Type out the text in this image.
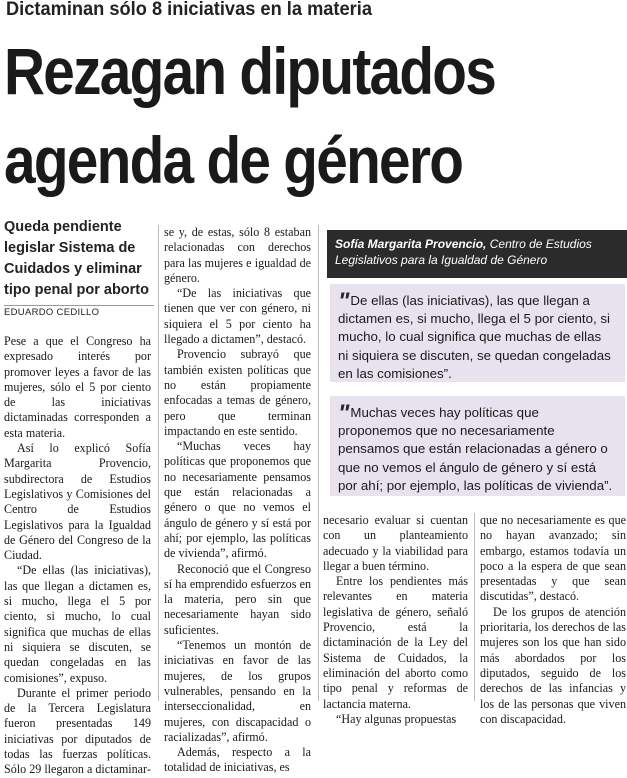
Dictaminan sólo 8 iniciativas en la materia
Rezagan diputados
agenda de género
Queda pendiente legislar Sistema de Cuidados y eliminar tipo penal por aborto
EDUARDO CEDILLO

Pese a que el Congreso ha expresado interés por promover leyes a favor de las mujeres, sólo el 5 por ciento de las iniciativas dictaminadas corresponden a esta materia.

Así lo explicó Sofía Margarita Provencio, subdirectora de Estudios Legislativos y Comisiones del Centro de Estudios Legislativos para la Igualdad de Género del Congreso de la Ciudad.

“De ellas (las iniciativas), las que llegan a dictamen es, si mucho, llega el 5 por ciento, si mucho, lo cual significa que muchas de ellas ni siquiera se discuten, se quedan congeladas en las comisiones”, expuso.

Durante el primer periodo de la Tercera Legislatura fueron presentadas 149 iniciativas por diputados de todas las fuerzas políticas. Sólo 29 llegaron a dictaminar-

se y, de estas, sólo 8 estaban relacionadas con derechos para las mujeres e igualdad de género.

“De las iniciativas que tienen que ver con género, ni siquiera el 5 por ciento ha llegado a dictamen”, destacó.

Provencio subrayó que también existen políticas que no están propiamente enfocadas a temas de género, pero que terminan impactando en este sentido.

“Muchas veces hay políticas que proponemos que no necesariamente pensamos que están relacionadas a género o que no vemos el ángulo de género y sí está por ahí; por ejemplo, las políticas de vivienda”, afirmó.

Reconoció que el Congreso sí ha emprendido esfuerzos en la materia, pero sin que necesariamente hayan sido suficientes.

“Tenemos un montón de iniciativas en favor de las mujeres, de los grupos vulnerables, pensando en la interseccionalidad, en mujeres, con discapacidad o racializadas”, afirmó.

Además, respecto a la totalidad de iniciativas, es

Sofía Margarita Provencio, Centro de Estudios Legislativos para la Igualdad de Género
" De ellas (las iniciativas), las que llegan a dictamen es, si mucho, llega el 5 por ciento, si mucho, lo cual significa que muchas de ellas ni siquiera se discuten, se quedan congeladas en las comisiones”.
" Muchas veces hay políticas que proponemos que no necesariamente pensamos que están relacionadas a género o que no vemos el ángulo de género y sí está por ahí; por ejemplo, las políticas de vivienda”.

necesario evaluar si cuentan con un planteamiento adecuado y la viabilidad para llegar a buen término.

Entre los pendientes más relevantes en materia legislativa de género, señaló Provencio, está la dictaminación de la Ley del Sistema de Cuidados, la eliminación del aborto como tipo penal y reformas de lactancia materna.

“Hay algunas propuestas

que no necesariamente es que no hayan avanzado; sin embargo, estamos todavía un poco a la espera de que sean presentadas y que sean discutidas”, destacó.

De los grupos de atención prioritaria, los derechos de las mujeres son los que han sido más abordados por los diputados, seguido de los derechos de las infancias y los de las personas que viven con discapacidad.
